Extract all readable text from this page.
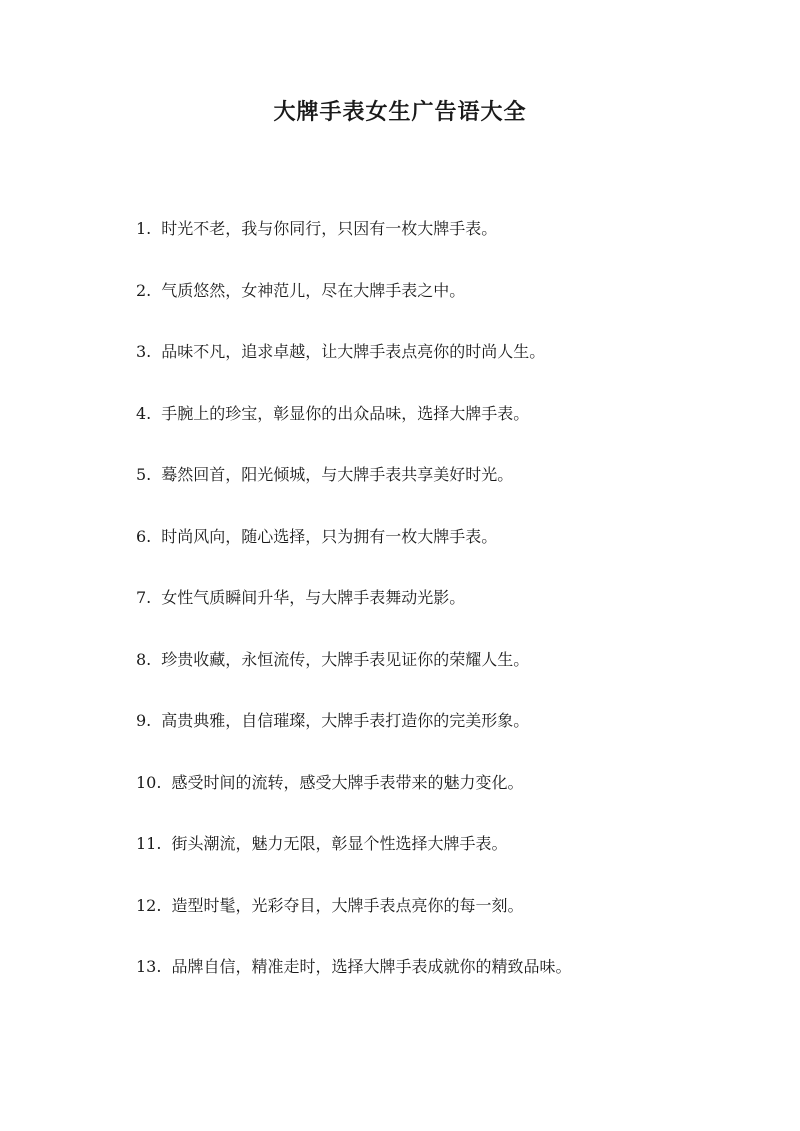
大牌手表女生广告语大全
1. 时光不老，我与你同行，只因有一枚大牌手表。
2. 气质悠然，女神范儿，尽在大牌手表之中。
3. 品味不凡，追求卓越，让大牌手表点亮你的时尚人生。
4. 手腕上的珍宝，彰显你的出众品味，选择大牌手表。
5. 蓦然回首，阳光倾城，与大牌手表共享美好时光。
6. 时尚风向，随心选择，只为拥有一枚大牌手表。
7. 女性气质瞬间升华，与大牌手表舞动光影。
8. 珍贵收藏，永恒流传，大牌手表见证你的荣耀人生。
9. 高贵典雅，自信璀璨，大牌手表打造你的完美形象。
10. 感受时间的流转，感受大牌手表带来的魅力变化。
11. 街头潮流，魅力无限，彰显个性选择大牌手表。
12. 造型时髦，光彩夺目，大牌手表点亮你的每一刻。
13. 品牌自信，精准走时，选择大牌手表成就你的精致品味。
